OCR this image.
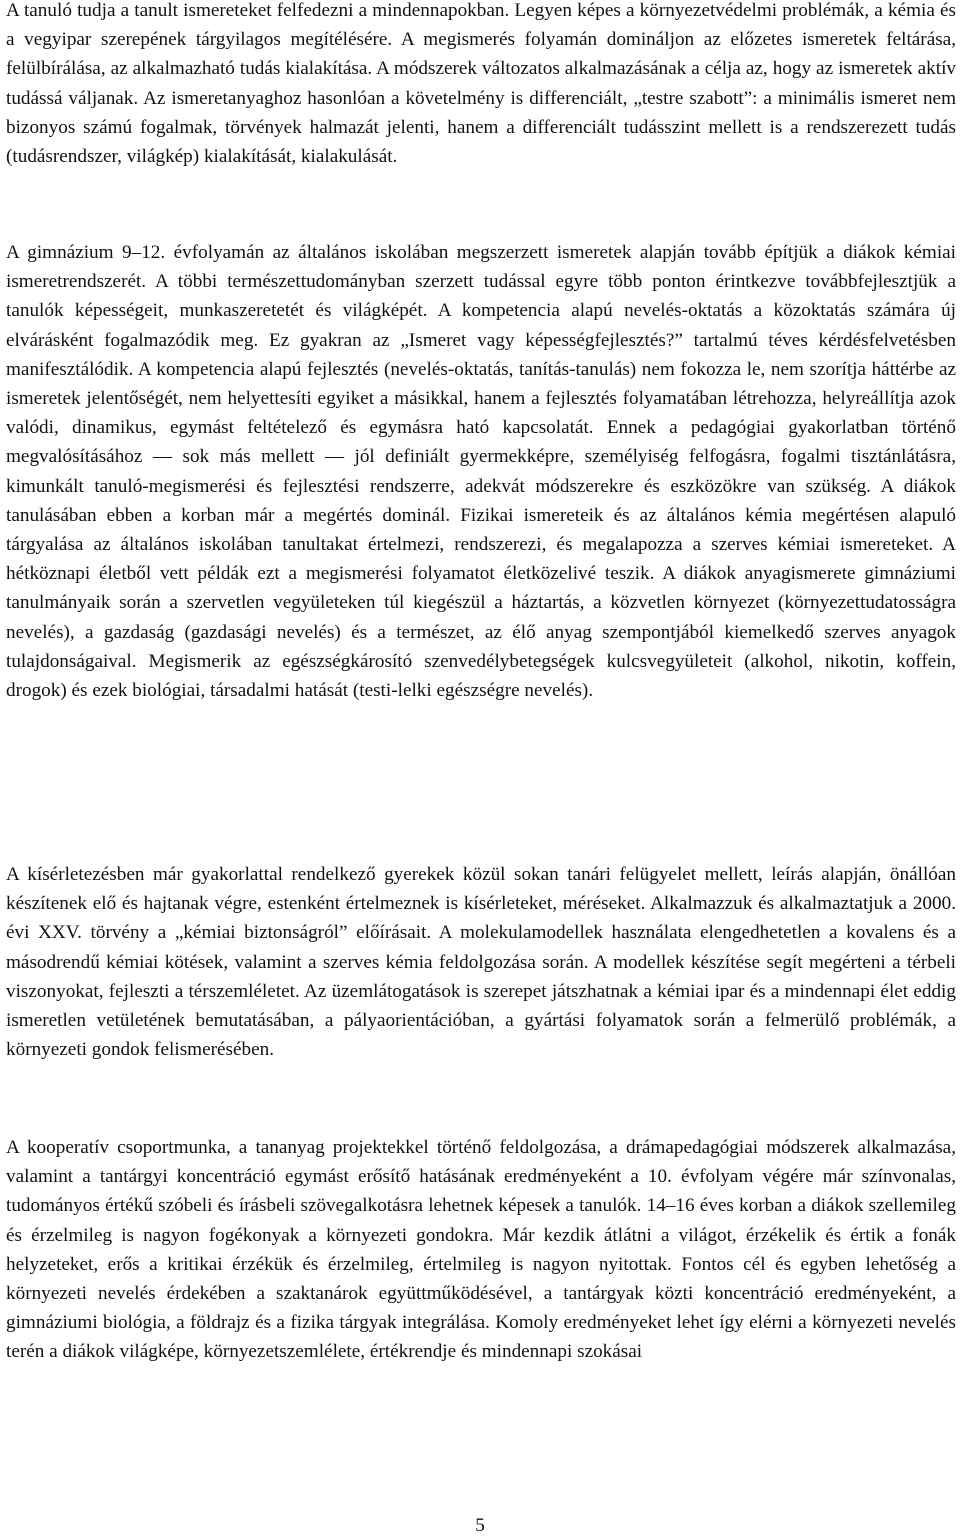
A tanuló tudja a tanult ismereteket felfedezni a mindennapokban. Legyen képes a környezetvédelmi problémák, a kémia és a vegyipar szerepének tárgyilagos megítélésére. A megismerés folyamán domináljon az előzetes ismeretek feltárása, felülbírálása, az alkalmazható tudás kialakítása. A módszerek változatos alkalmazásának a célja az, hogy az ismeretek aktív tudássá váljanak. Az ismeretanyaghoz hasonlóan a követelmény is differenciált, „testre szabott”: a minimális ismeret nem bizonyos számú fogalmak, törvények halmazát jelenti, hanem a differenciált tudásszint mellett is a rendszerezett tudás (tudásrendszer, világkép) kialakítását, kialakulását.

A gimnázium 9–12. évfolyamán az általános iskolában megszerzett ismeretek alapján tovább építjük a diákok kémiai ismeretrendszerét. A többi természettudományban szerzett tudással egyre több ponton érintkezve továbbfejlesztjük a tanulók képességeit, munkaszeretetét és világképét. A kompetencia alapú nevelés-oktatás a közoktatás számára új elvárásként fogalmazódik meg. Ez gyakran az „Ismeret vagy képességfejlesztés?” tartalmú téves kérdésfelvetésben manifesztálódik. A kompetencia alapú fejlesztés (nevelés-oktatás, tanítás-tanulás) nem fokozza le, nem szorítja háttérbe az ismeretek jelentőségét, nem helyettesíti egyiket a másikkal, hanem a fejlesztés folyamatában létrehozza, helyreállítja azok valódi, dinamikus, egymást feltételező és egymásra ható kapcsolatát. Ennek a pedagógiai gyakorlatban történő megvalósításához — sok más mellett — jól definiált gyermekképre, személyiség felfogásra, fogalmi tisztánlátásra, kimunkált tanuló-megismerési és fejlesztési rendszerre, adekvát módszerekre és eszközökre van szükség. A diákok tanulásában ebben a korban már a megértés dominál. Fizikai ismereteik és az általános kémia megértésen alapuló tárgyalása az általános iskolában tanultakat értelmezi, rendszerezi, és megalapozza a szerves kémiai ismereteket. A hétköznapi életből vett példák ezt a megismerési folyamatot életközelivé teszik. A diákok anyagismerete gimnáziumi tanulmányaik során a szervetlen vegyületeken túl kiegészül a háztartás, a közvetlen környezet (környezettudatosságra nevelés), a gazdaság (gazdasági nevelés) és a természet, az élő anyag szempontjából kiemelkedő szerves anyagok tulajdonságaival. Megismerik az egészségkárosító szenvedélybetegségek kulcsvegyületeit (alkohol, nikotin, koffein, drogok) és ezek biológiai, társadalmi hatását (testi-lelki egészségre nevelés).

A kísérletezésben már gyakorlattal rendelkező gyerekek közül sokan tanári felügyelet mellett, leírás alapján, önállóan készítenek elő és hajtanak végre, estenként értelmeznek is kísérleteket, méréseket. Alkalmazzuk és alkalmaztatjuk a 2000. évi XXV. törvény a „kémiai biztonságról” előírásait. A molekulamodellek használata elengedhetetlen a kovalens és a másodrendű kémiai kötések, valamint a szerves kémia feldolgozása során. A modellek készítése segít megérteni a térbeli viszonyokat, fejleszti a térszemléletet. Az üzemlátogatások is szerepet játszhatnak a kémiai ipar és a mindennapi élet eddig ismeretlen vetületének bemutatásában, a pályaorientációban, a gyártási folyamatok során a felmerülő problémák, a környezeti gondok felismerésében.

A kooperatív csoportmunka, a tananyag projektekkel történő feldolgozása, a drámapedagógiai módszerek alkalmazása, valamint a tantárgyi koncentráció egymást erősítő hatásának eredményeként a 10. évfolyam végére már színvonalas, tudományos értékű szóbeli és írásbeli szövegalkotásra lehetnek képesek a tanulók. 14–16 éves korban a diákok szellemileg és érzelmileg is nagyon fogékonyak a környezeti gondokra. Már kezdik átlátni a világot, érzékelik és értik a fonák helyzeteket, erős a kritikai érzékük és érzelmileg, értelmileg is nagyon nyitottak. Fontos cél és egyben lehetőség a környezeti nevelés érdekében a szaktanárok együttműködésével, a tantárgyak közti koncentráció eredményeként, a gimnáziumi biológia, a földrajz és a fizika tárgyak integrálása. Komoly eredményeket lehet így elérni a környezeti nevelés terén a diákok világképe, környezetszemlélete, értékrendje és mindennapi szokásai

5
